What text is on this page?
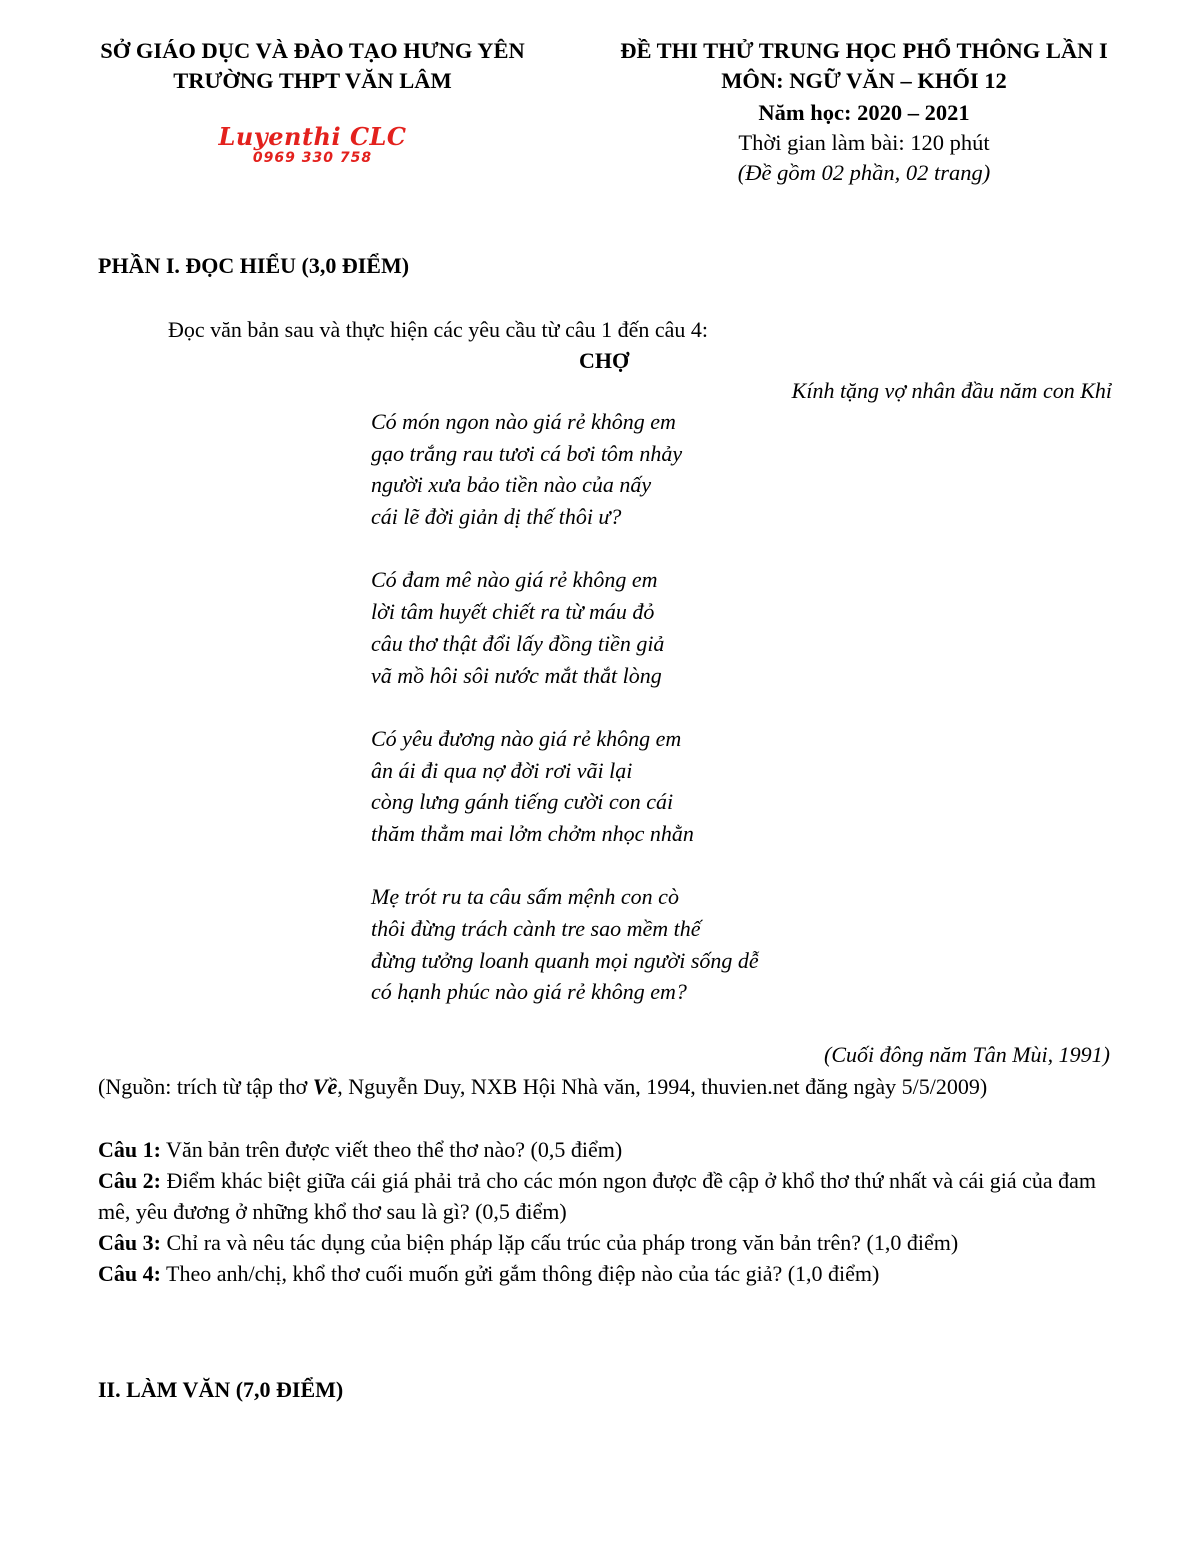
SỞ GIÁO DỤC VÀ ĐÀO TẠO HƯNG YÊN
TRƯỜNG THPT VĂN LÂM
Luyenthi CLC
0969 330 758
ĐỀ THI THỬ TRUNG HỌC PHỔ THÔNG LẦN I
MÔN: NGỮ VĂN – KHỐI 12
Năm học: 2020 – 2021
Thời gian làm bài: 120 phút
(Đề gồm 02 phần, 02 trang)
PHẦN I. ĐỌC HIỂU (3,0 ĐIỂM)
Đọc văn bản sau và thực hiện các yêu cầu từ câu 1 đến câu 4:
CHỢ
Kính tặng vợ nhân đầu năm con Khỉ
Có món ngon nào giá rẻ không em
gạo trắng rau tươi cá bơi tôm nhảy
người xưa bảo tiền nào của nấy
cái lẽ đời giản dị thế thôi ư?
Có đam mê nào giá rẻ không em
lời tâm huyết chiết ra từ máu đỏ
câu thơ thật đổi lấy đồng tiền giả
vã mồ hôi sôi nước mắt thắt lòng
Có yêu đương nào giá rẻ không em
ân ái đi qua nợ đời rơi vãi lại
còng lưng gánh tiếng cười con cái
thăm thẳm mai lởm chởm nhọc nhằn
Mẹ trót ru ta câu sấm mệnh con cò
thôi đừng trách cành tre sao mềm thế
đừng tưởng loanh quanh mọi người sống dễ
có hạnh phúc nào giá rẻ không em?
(Cuối đông năm Tân Mùi, 1991)
(Nguồn: trích từ tập thơ Về, Nguyễn Duy, NXB Hội Nhà văn, 1994, thuvien.net đăng ngày 5/5/2009)
Câu 1: Văn bản trên được viết theo thể thơ nào? (0,5 điểm)
Câu 2: Điểm khác biệt giữa cái giá phải trả cho các món ngon được đề cập ở khổ thơ thứ nhất và cái giá của đam mê, yêu đương ở những khổ thơ sau là gì? (0,5 điểm)
Câu 3: Chỉ ra và nêu tác dụng của biện pháp lặp cấu trúc của pháp trong văn bản trên? (1,0 điểm)
Câu 4: Theo anh/chị, khổ thơ cuối muốn gửi gắm thông điệp nào của tác giả? (1,0 điểm)
II. LÀM VĂN (7,0 ĐIỂM)
